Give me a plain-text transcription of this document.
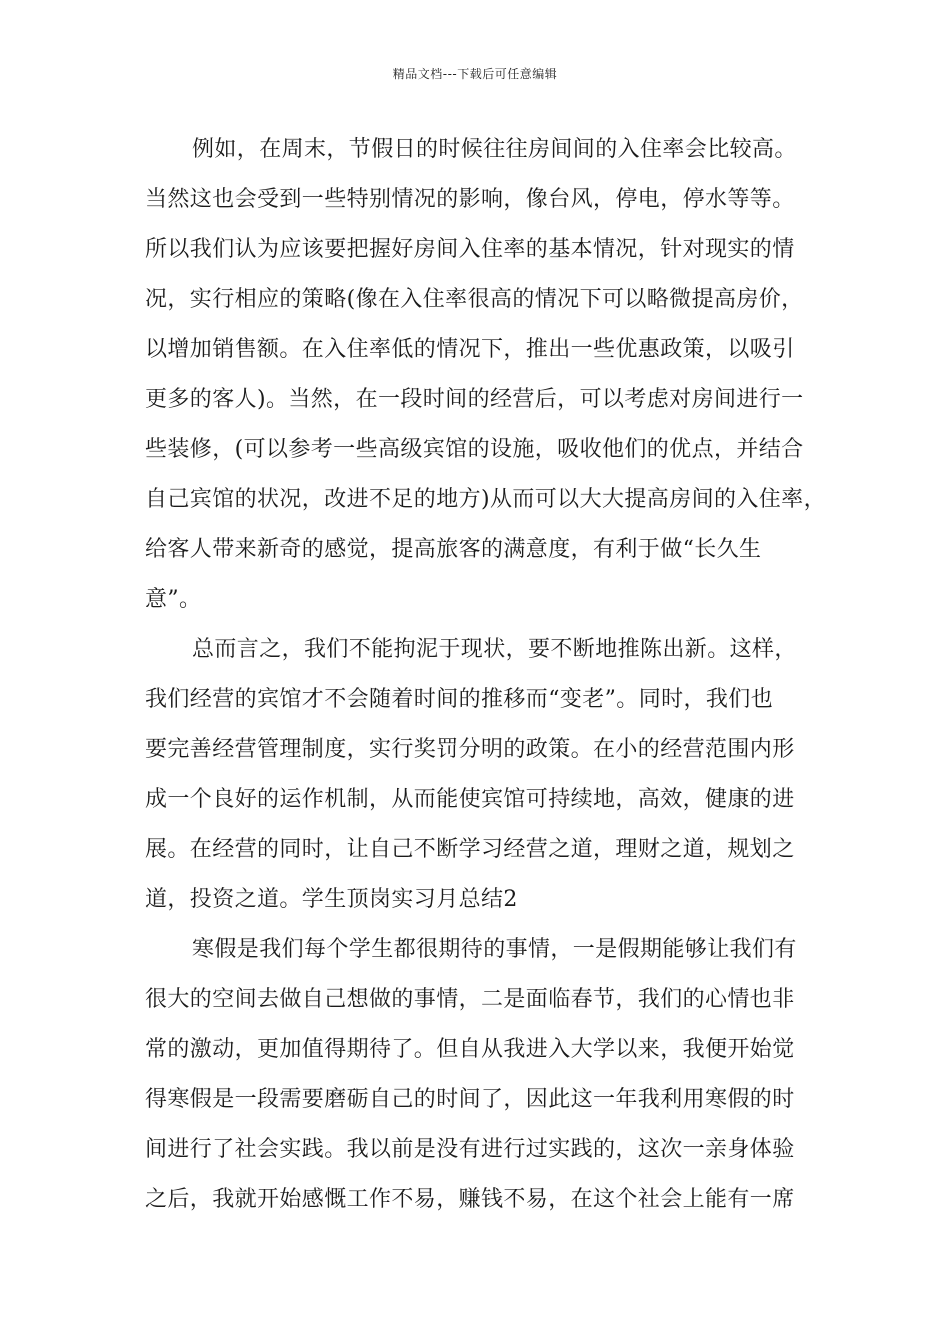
精品文档---下载后可任意编辑
例如，在周末，节假日的时候往往房间间的入住率会比较高。
当然这也会受到一些特别情况的影响，像台风，停电，停水等等。
所以我们认为应该要把握好房间入住率的基本情况，针对现实的情
况，实行相应的策略(像在入住率很高的情况下可以略微提高房价，
以增加销售额。在入住率低的情况下，推出一些优惠政策，以吸引
更多的客人)。当然，在一段时间的经营后，可以考虑对房间进行一
些装修，(可以参考一些高级宾馆的设施，吸收他们的优点，并结合
自己宾馆的状况，改进不足的地方)从而可以大大提高房间的入住率，
给客人带来新奇的感觉，提高旅客的满意度，有利于做“长久生
意”。
总而言之，我们不能拘泥于现状，要不断地推陈出新。这样，
我们经营的宾馆才不会随着时间的推移而“变老”。同时，我们也
要完善经营管理制度，实行奖罚分明的政策。在小的经营范围内形
成一个良好的运作机制，从而能使宾馆可持续地，高效，健康的进
展。在经营的同时，让自己不断学习经营之道，理财之道，规划之
道，投资之道。学生顶岗实习月总结2
寒假是我们每个学生都很期待的事情，一是假期能够让我们有
很大的空间去做自己想做的事情，二是面临春节，我们的心情也非
常的激动，更加值得期待了。但自从我进入大学以来，我便开始觉
得寒假是一段需要磨砺自己的时间了，因此这一年我利用寒假的时
间进行了社会实践。我以前是没有进行过实践的，这次一亲身体验
之后，我就开始感慨工作不易，赚钱不易，在这个社会上能有一席
